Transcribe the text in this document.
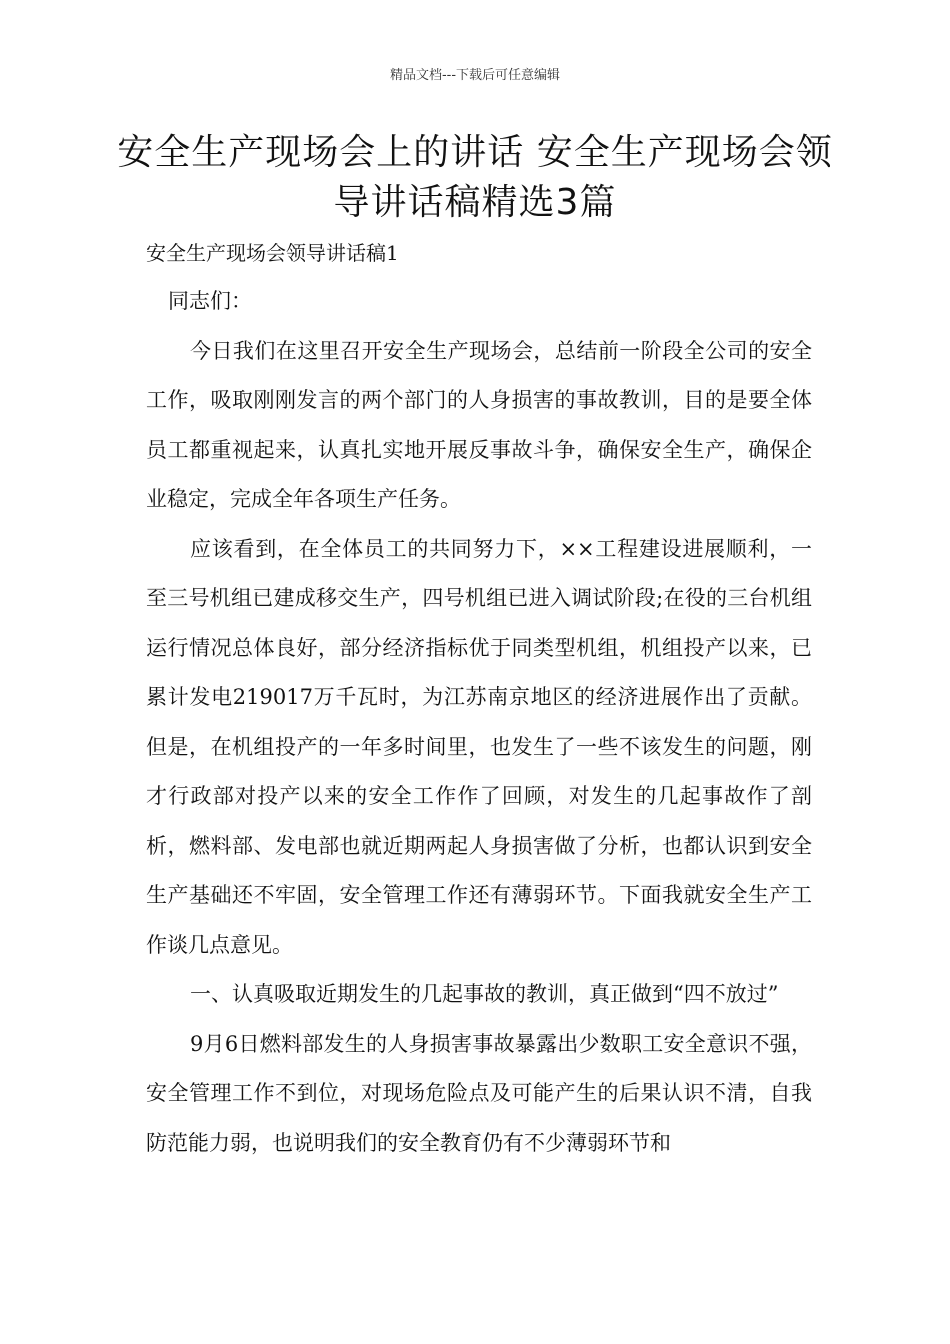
精品文档---下载后可任意编辑
安全生产现场会上的讲话 安全生产现场会领导讲话稿精选3篇
安全生产现场会领导讲话稿1

同志们：

今日我们在这里召开安全生产现场会，总结前一阶段全公司的安全工作，吸取刚刚发言的两个部门的人身损害的事故教训，目的是要全体员工都重视起来，认真扎实地开展反事故斗争，确保安全生产，确保企业稳定，完成全年各项生产任务。

应该看到，在全体员工的共同努力下，××工程建设进展顺利，一至三号机组已建成移交生产，四号机组已进入调试阶段;在役的三台机组运行情况总体良好，部分经济指标优于同类型机组，机组投产以来，已累计发电219017万千瓦时，为江苏南京地区的经济进展作出了贡献。但是，在机组投产的一年多时间里，也发生了一些不该发生的问题，刚才行政部对投产以来的安全工作作了回顾，对发生的几起事故作了剖析，燃料部、发电部也就近期两起人身损害做了分析，也都认识到安全生产基础还不牢固，安全管理工作还有薄弱环节。下面我就安全生产工作谈几点意见。

一、认真吸取近期发生的几起事故的教训，真正做到“四不放过”

9月6日燃料部发生的人身损害事故暴露出少数职工安全意识不强，安全管理工作不到位，对现场危险点及可能产生的后果认识不清，自我防范能力弱，也说明我们的安全教育仍有不少薄弱环节和
